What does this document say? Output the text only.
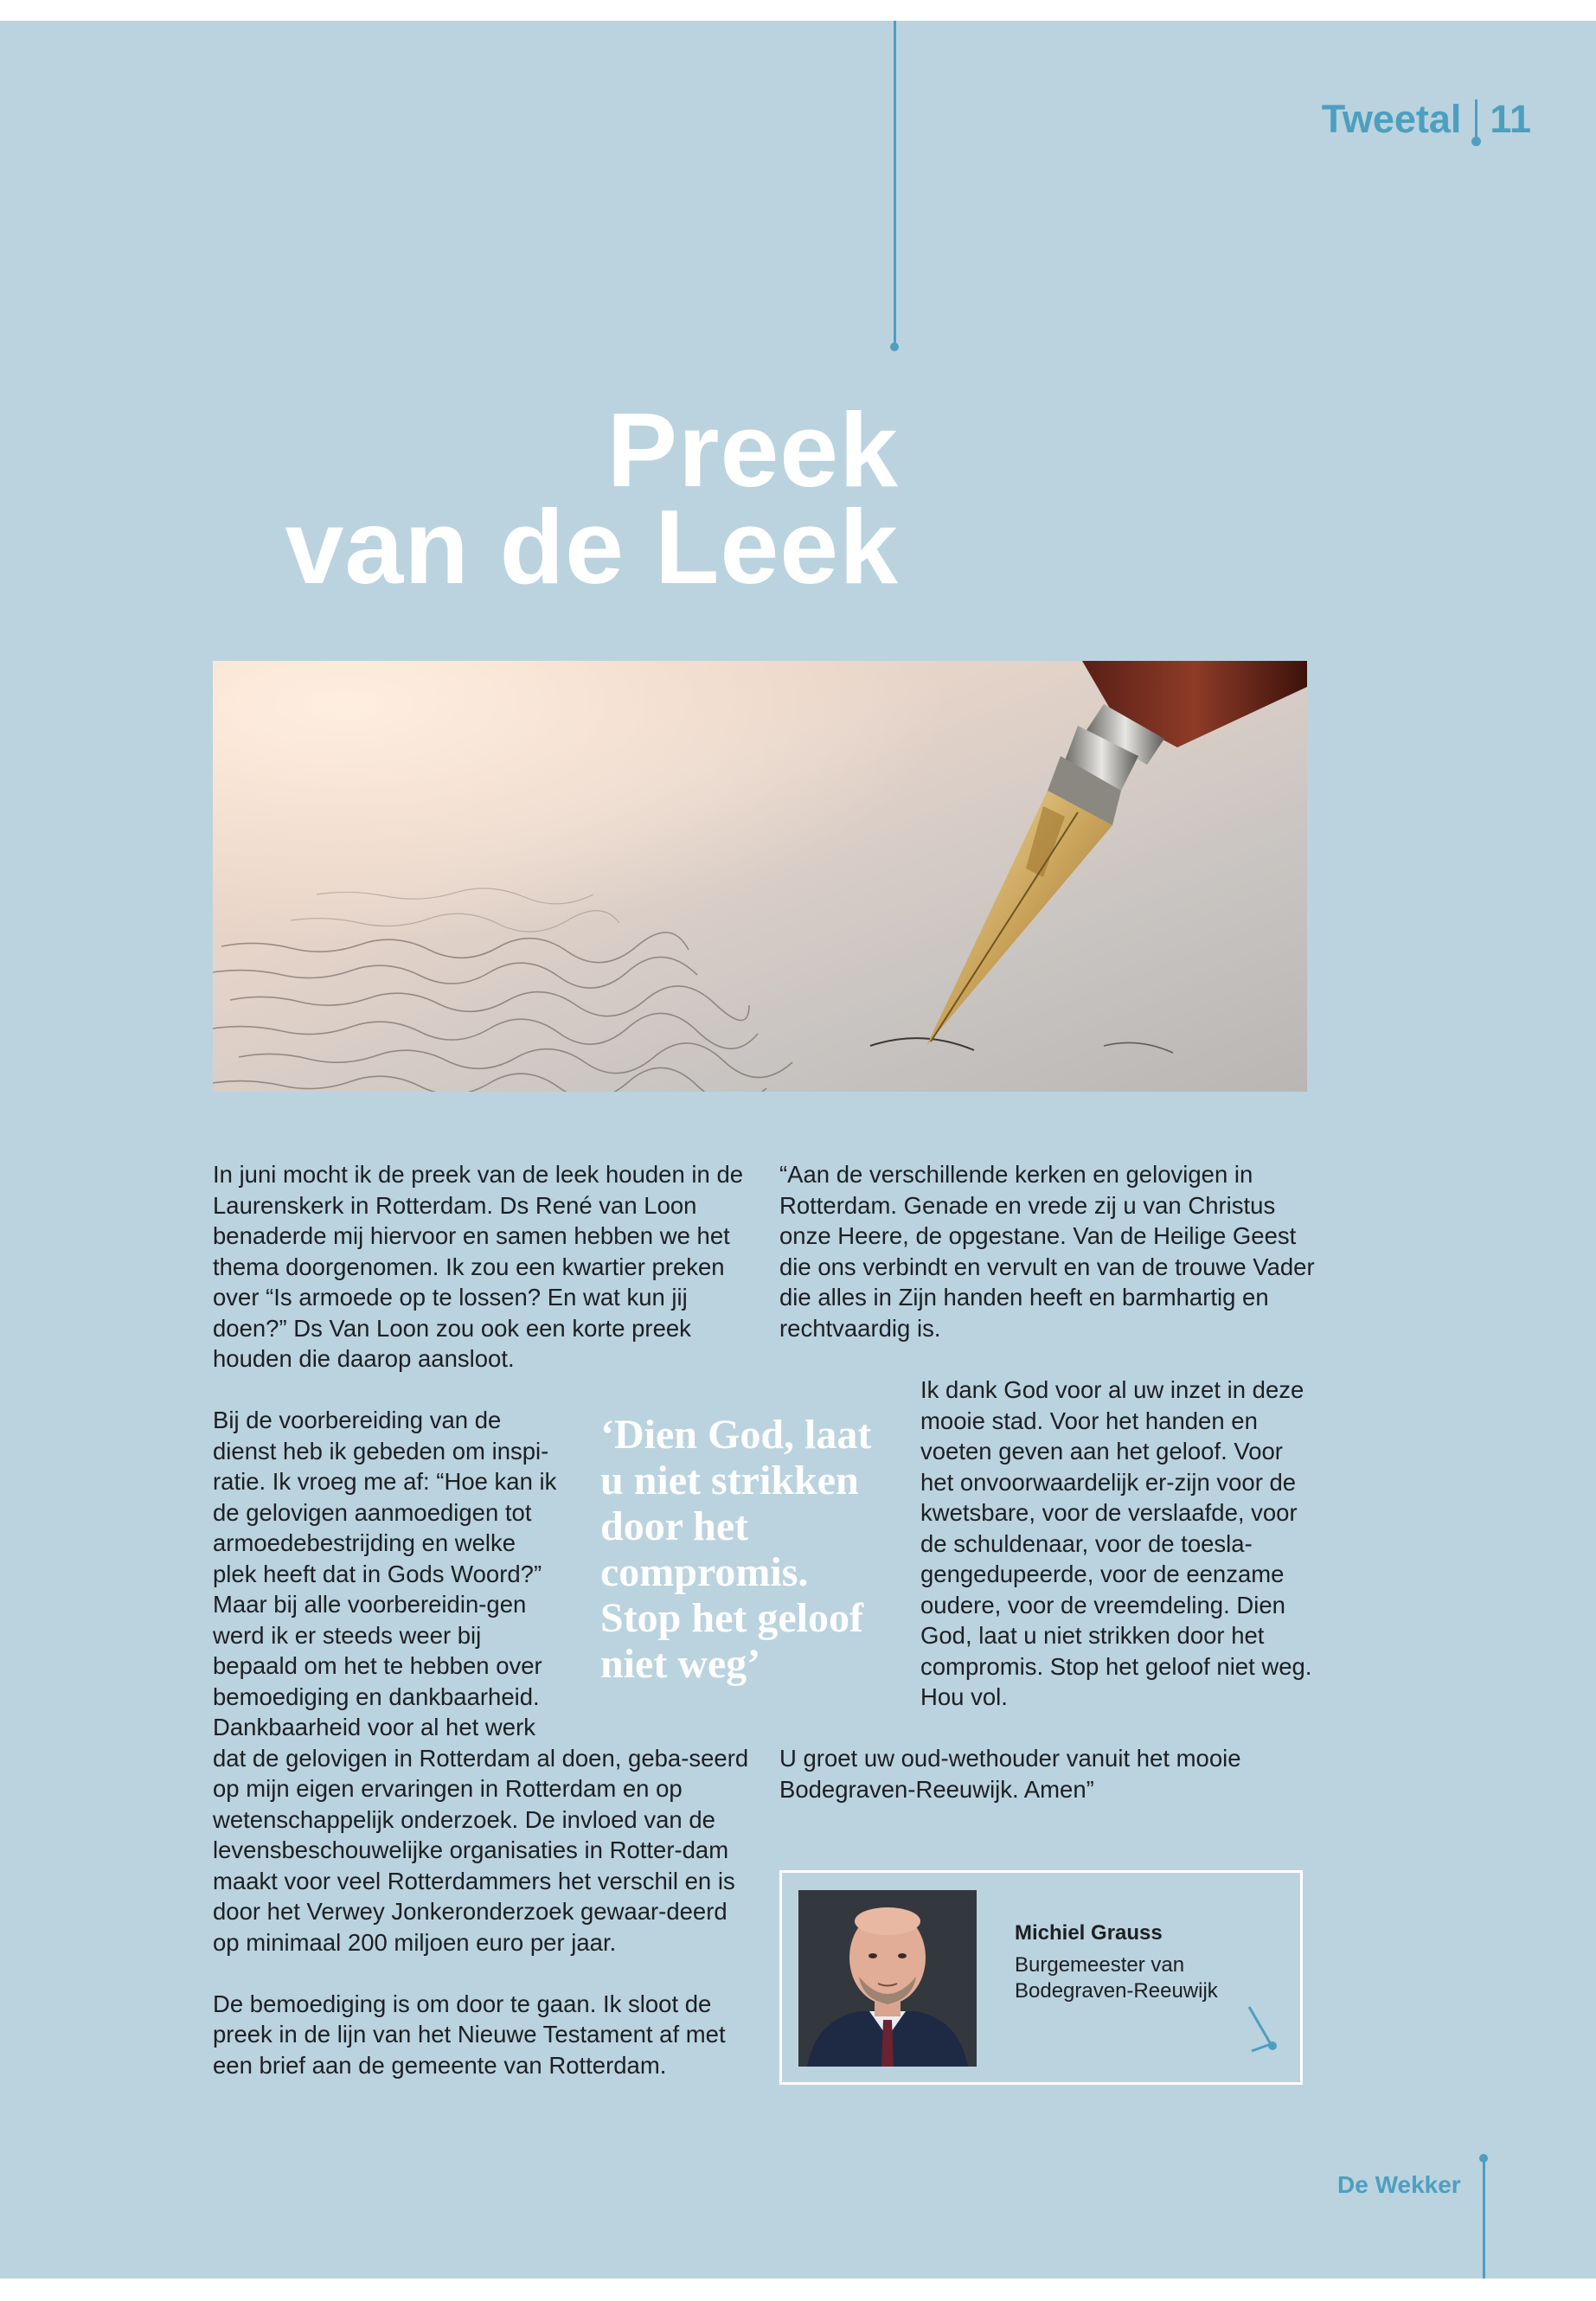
Tweetal 11
Preek
van de Leek

In juni mocht ik de preek van de leek houden in de Laurenskerk in Rotterdam. Ds René van Loon benaderde mij hiervoor en samen hebben we het thema doorgenomen. Ik zou een kwartier preken over “Is armoede op te lossen? En wat kun jij doen?” Ds Van Loon zou ook een korte preek houden die daarop aansloot.

Bij de voorbereiding van de dienst heb ik gebeden om inspi-ratie. Ik vroeg me af: “Hoe kan ik de gelovigen aanmoedigen tot armoedebestrijding en welke plek heeft dat in Gods Woord?” Maar bij alle voorbereidin-gen werd ik er steeds weer bij bepaald om het te hebben over bemoediging en dankbaarheid. Dankbaarheid voor al het werk

dat de gelovigen in Rotterdam al doen, geba-seerd op mijn eigen ervaringen in Rotterdam en op wetenschappelijk onderzoek. De invloed van de levensbeschouwelijke organisaties in Rotter-dam maakt voor veel Rotterdammers het verschil en is door het Verwey Jonkeronderzoek gewaar-deerd op minimaal 200 miljoen euro per jaar.

De bemoediging is om door te gaan. Ik sloot de preek in de lijn van het Nieuwe Testament af met een brief aan de gemeente van Rotterdam.

‘Dien God, laat u niet strikken door het compromis. Stop het geloof niet weg’

“Aan de verschillende kerken en gelovigen in Rotterdam. Genade en vrede zij u van Christus onze Heere, de opgestane. Van de Heilige Geest die ons verbindt en vervult en van de trouwe Vader die alles in Zijn handen heeft en barmhartig en rechtvaardig is.

Ik dank God voor al uw inzet in deze mooie stad. Voor het handen en voeten geven aan het geloof. Voor het onvoorwaardelijk er-zijn voor de kwetsbare, voor de verslaafde, voor de schuldenaar, voor de toesla-gengedupeerde, voor de eenzame oudere, voor de vreemdeling. Dien God, laat u niet strikken door het compromis. Stop het geloof niet weg. Hou vol.

U groet uw oud-wethouder vanuit het mooie Bodegraven-Reeuwijk. Amen”

Michiel Grauss
Burgemeester van Bodegraven-Reeuwijk
De Wekker
